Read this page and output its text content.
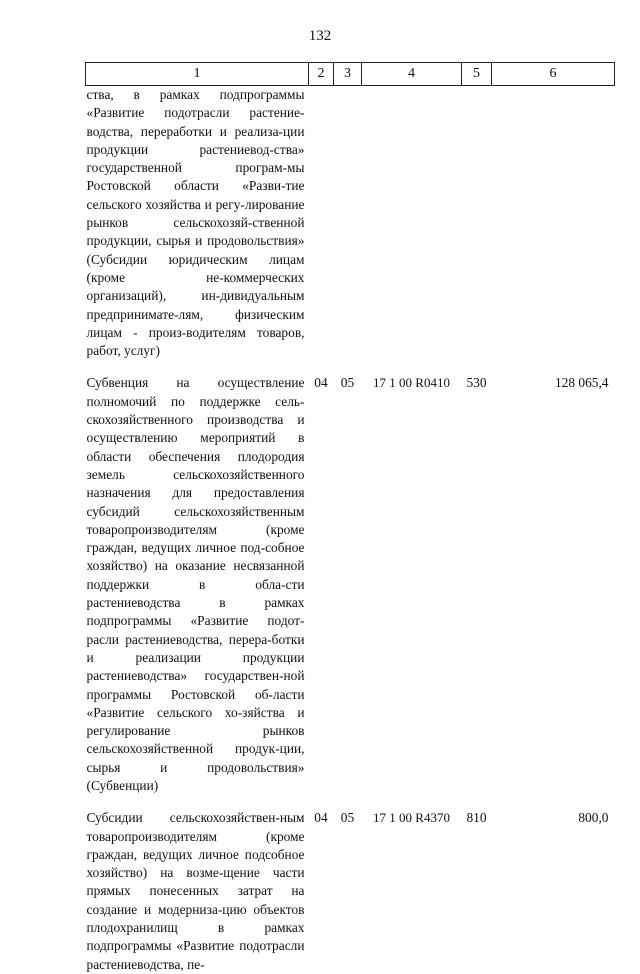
132
1	2	3	4	5	6
ства, в рамках подпрограммы «Развитие подотрасли растение-водства, переработки и реализа-ции продукции растениевод-ства» государственной програм-мы Ростовской области «Разви-тие сельского хозяйства и регу-лирование рынков сельскохозяй-ственной продукции, сырья и продовольствия» (Субсидии юридическим лицам (кроме не-коммерческих организаций), ин-дивидуальным предпринимате-лям, физическим лицам - произ-водителям товаров, работ, услуг)					
Субвенция на осуществление полномочий по поддержке сель-скохозяйственного производства и осуществлению мероприятий в области обеспечения плодородия земель сельскохозяйственного назначения для предоставления субсидий сельскохозяйственным товаропроизводителям (кроме граждан, ведущих личное под-собное хозяйство) на оказание несвязанной поддержки в обла-сти растениеводства в рамках подпрограммы «Развитие подот-расли растениеводства, перера-ботки и реализации продукции растениеводства» государствен-ной программы Ростовской об-ласти «Развитие сельского хо-зяйства и регулирование рынков сельскохозяйственной продук-ции, сырья и продовольствия» (Субвенции)	04	05	17 1 00 R0410	530	128 065,4
Субсидии сельскохозяйствен-ным товаропроизводителям (кроме граждан, ведущих личное подсобное хозяйство) на возме-щение части прямых понесенных затрат на создание и модерниза-цию объектов плодохранилищ в рамках подпрограммы «Развитие подотрасли растениеводства, пе-	04	05	17 1 00 R4370	810	800,0
